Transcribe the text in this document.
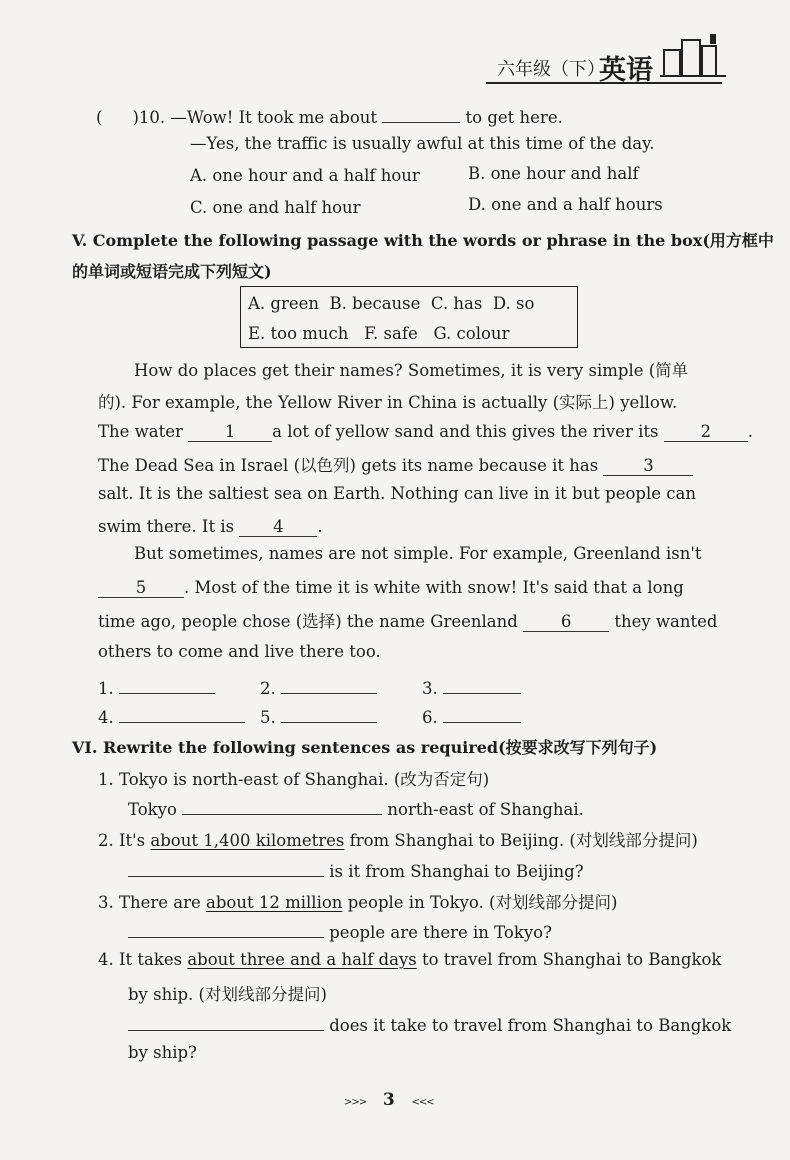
六年级（下）
英语
( )10. —Wow! It took me about	to get here.
—Yes, the traffic is usually awful at this time of the day.
A. one hour and a half hour	B. one hour and half
C. one and half hour	D. one and a half hours
V. Complete the following passage with the words or phrase in the box(用方框中
的单词或短语完成下列短文)
A. green B. because C. has D. so
E. too much F. safe G. colour
How do places get their names? Sometimes, it is very simple (简单
的). For example, the Yellow River in China is actually (实际上) yellow.
The water	1 a lot of yellow sand and this gives the river its	2 .
The Dead Sea in Israel (以色列) gets its name because it has	3
salt. It is the saltiest sea on Earth. Nothing can live in it but people can
swim there. It is 4 .
But sometimes, names are not simple. For example, Greenland isn't
5 . Most of the time it is white with snow! It's said that a long
time ago, people chose (选择) the name Greenland	6	they wanted
others to come and live there too.
1.	2.	3.
4.	5.	6.
VI. Rewrite the following sentences as required(按要求改写下列句子)
1. Tokyo is north-east of Shanghai. (改为否定句)
Tokyo	north-east of Shanghai.
2. It's about 1,400 kilometres from Shanghai to Beijing. (对划线部分提问)
is it from Shanghai to Beijing?
3. There are about 12 million people in Tokyo. (对划线部分提问)
people are there in Tokyo?
4. It takes about three and a half days to travel from Shanghai to Bangkok
by ship. (对划线部分提问)
does it take to travel from Shanghai to Bangkok
by ship?
>>> 3 <<<
